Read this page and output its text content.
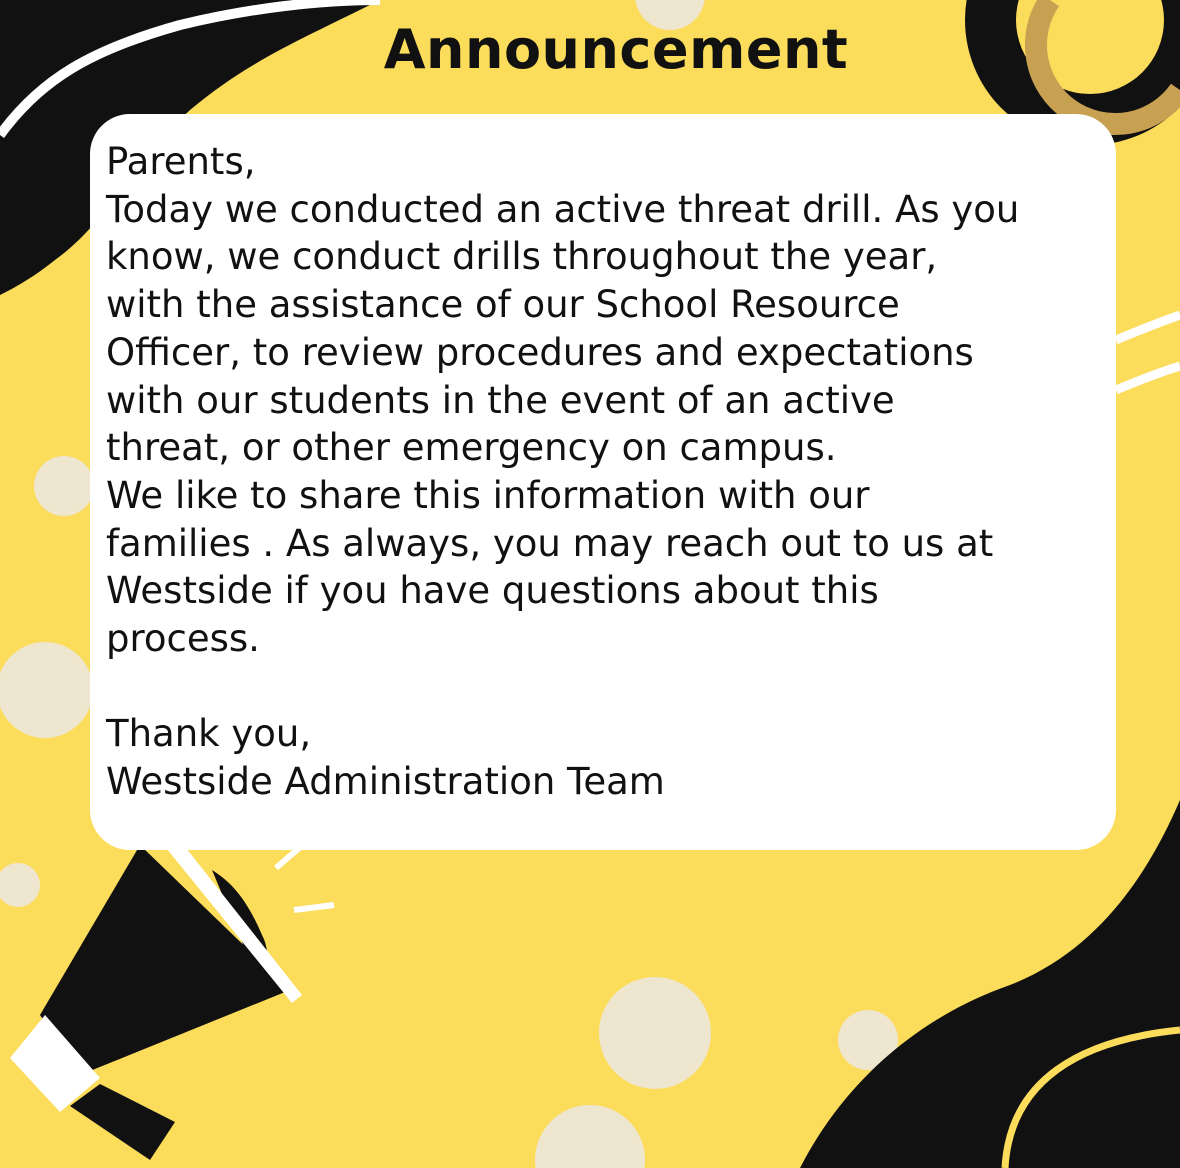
Announcement

Parents,

Today we conducted an active threat drill. As you

know, we conduct drills throughout the year,

with the assistance of our School Resource

Officer, to review procedures and expectations

with our students in the event of an active

threat, or other emergency on campus.

We like to share this information with our

families . As always, you may reach out to us at

Westside if you have questions about this

process.

Thank you,

Westside Administration Team
